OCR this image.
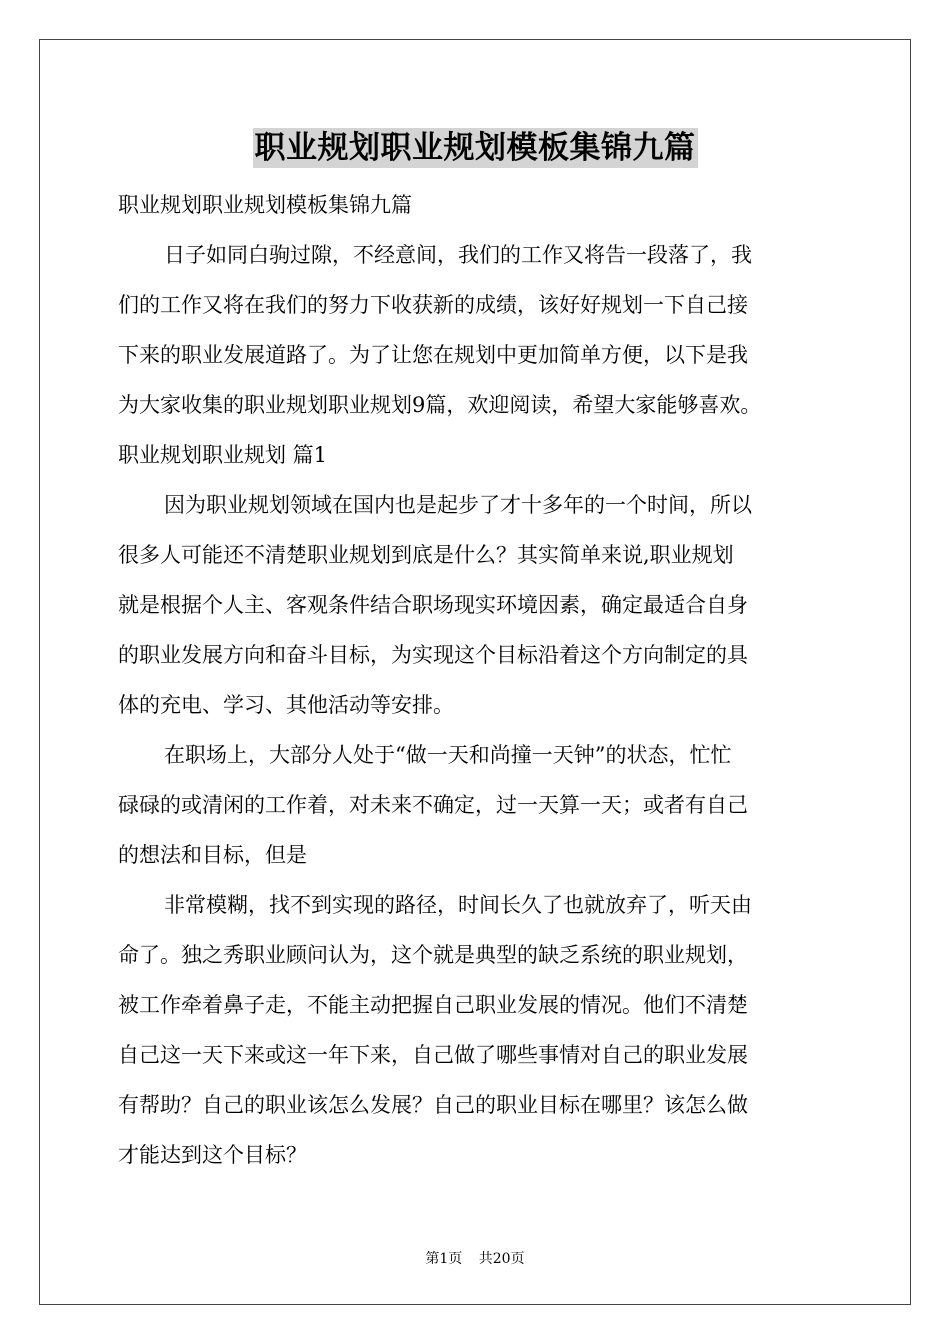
职业规划职业规划模板集锦九篇
职业规划职业规划模板集锦九篇
日子如同白驹过隙，不经意间，我们的工作又将告一段落了，我
们的工作又将在我们的努力下收获新的成绩，该好好规划一下自己接
下来的职业发展道路了。为了让您在规划中更加简单方便，以下是我
为大家收集的职业规划职业规划9篇，欢迎阅读，希望大家能够喜欢。
职业规划职业规划 篇1
因为职业规划领域在国内也是起步了才十多年的一个时间，所以
很多人可能还不清楚职业规划到底是什么？其实简单来说,职业规划
就是根据个人主、客观条件结合职场现实环境因素，确定最适合自身
的职业发展方向和奋斗目标，为实现这个目标沿着这个方向制定的具
体的充电、学习、其他活动等安排。
在职场上，大部分人处于“做一天和尚撞一天钟”的状态，忙忙
碌碌的或清闲的工作着，对未来不确定，过一天算一天；或者有自己
的想法和目标，但是
非常模糊，找不到实现的路径，时间长久了也就放弃了，听天由
命了。独之秀职业顾问认为，这个就是典型的缺乏系统的职业规划，
被工作牵着鼻子走，不能主动把握自己职业发展的情况。他们不清楚
自己这一天下来或这一年下来，自己做了哪些事情对自己的职业发展
有帮助？自己的职业该怎么发展？自己的职业目标在哪里？该怎么做
才能达到这个目标？
第1页 共20页
